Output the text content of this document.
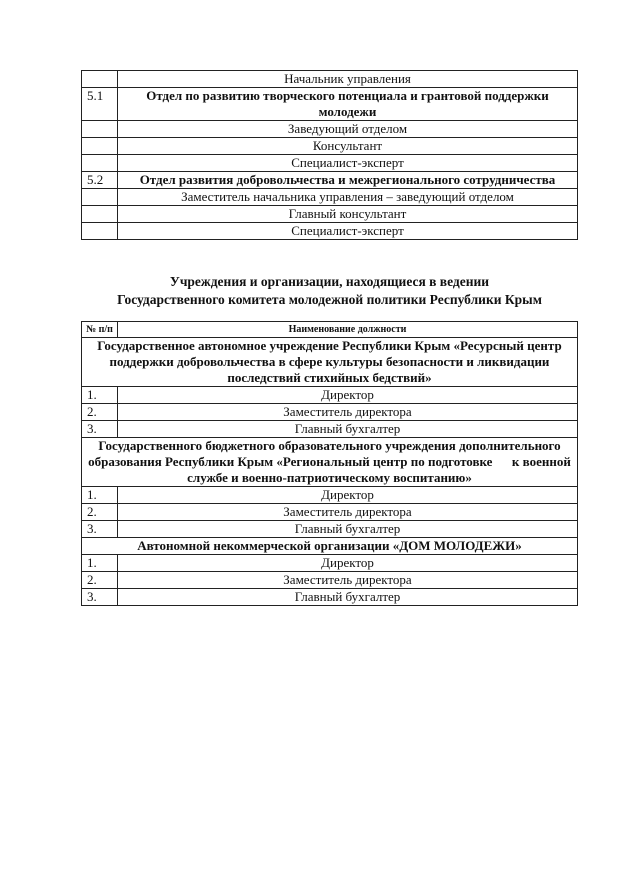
	Начальник управления
5.1	Отдел по развитию творческого потенциала и грантовой поддержки молодежи
	Заведующий отделом
	Консультант
	Специалист-эксперт
5.2	Отдел развития добровольчества и межрегионального сотрудничества
	Заместитель начальника управления – заведующий отделом
	Главный консультант
	Специалист-эксперт
Учреждения и организации, находящиеся в ведении
Государственного комитета молодежной политики Республики Крым
№ п/п	Наименование должности
Государственное автономное учреждение Республики Крым «Ресурсный центр поддержки добровольчества в сфере культуры безопасности и ликвидации последствий стихийных бедствий»	
1.	Директор
2.	Заместитель директора
3.	Главный бухгалтер
Государственного бюджетного образовательного учреждения дополнительного образования Республики Крым «Региональный центр по подготовке      к военной службе и военно-патриотическому воспитанию»	
1.	Директор
2.	Заместитель директора
3.	Главный бухгалтер
Автономной некоммерческой организации «ДОМ МОЛОДЕЖИ»	
1.	Директор
2.	Заместитель директора
3.	Главный бухгалтер
